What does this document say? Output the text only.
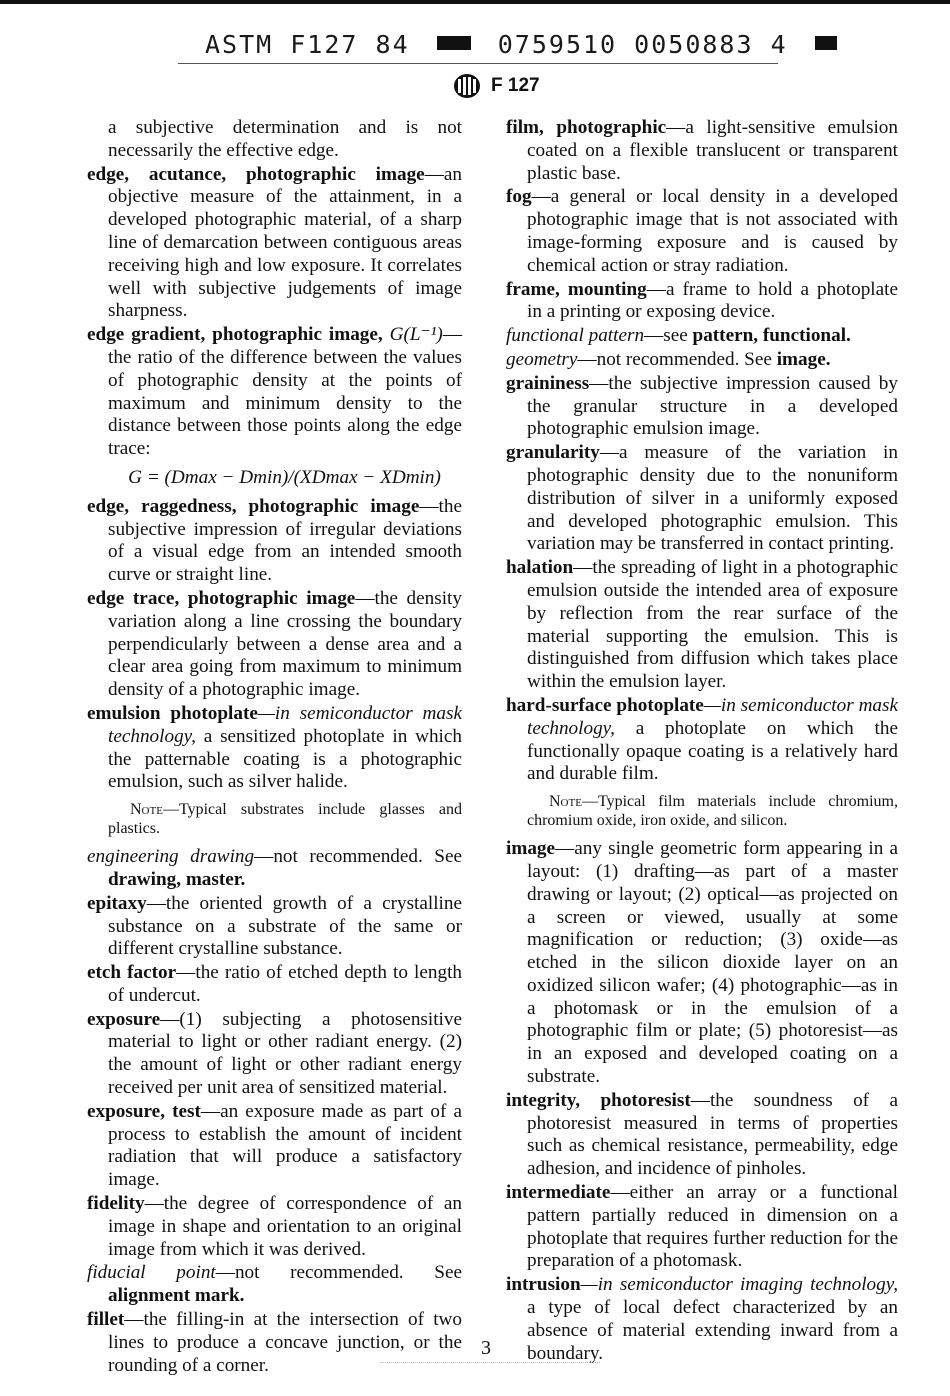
ASTM F127 84	0759510 0050883 4
F 127

a subjective determination and is not necessarily the effective edge.

edge, acutance, photographic image—an objective measure of the attainment, in a developed photographic material, of a sharp line of demarcation between contiguous areas receiving high and low exposure. It correlates well with subjective judgements of image sharpness.

edge gradient, photographic image, G(L⁻¹)—the ratio of the difference between the values of photographic density at the points of maximum and minimum density to the distance between those points along the edge trace:

G = (Dmax − Dmin)/(XDmax − XDmin)

edge, raggedness, photographic image—the subjective impression of irregular deviations of a visual edge from an intended smooth curve or straight line.

edge trace, photographic image—the density variation along a line crossing the boundary perpendicularly between a dense area and a clear area going from maximum to minimum density of a photographic image.

emulsion photoplate—in semiconductor mask technology, a sensitized photoplate in which the patternable coating is a photographic emulsion, such as silver halide.

Note—Typical substrates include glasses and plastics.

engineering drawing—not recommended. See drawing, master.

epitaxy—the oriented growth of a crystalline substance on a substrate of the same or different crystalline substance.

etch factor—the ratio of etched depth to length of undercut.

exposure—(1) subjecting a photosensitive material to light or other radiant energy. (2) the amount of light or other radiant energy received per unit area of sensitized material.

exposure, test—an exposure made as part of a process to establish the amount of incident radiation that will produce a satisfactory image.

fidelity—the degree of correspondence of an image in shape and orientation to an original image from which it was derived.

fiducial point—not recommended. See alignment mark.

fillet—the filling-in at the intersection of two lines to produce a concave junction, or the rounding of a corner.

film, photographic—a light-sensitive emulsion coated on a flexible translucent or transparent plastic base.

fog—a general or local density in a developed photographic image that is not associated with image-forming exposure and is caused by chemical action or stray radiation.

frame, mounting—a frame to hold a photoplate in a printing or exposing device.

functional pattern—see pattern, functional.

geometry—not recommended. See image.

graininess—the subjective impression caused by the granular structure in a developed photographic emulsion image.

granularity—a measure of the variation in photographic density due to the nonuniform distribution of silver in a uniformly exposed and developed photographic emulsion. This variation may be transferred in contact printing.

halation—the spreading of light in a photographic emulsion outside the intended area of exposure by reflection from the rear surface of the material supporting the emulsion. This is distinguished from diffusion which takes place within the emulsion layer.

hard-surface photoplate—in semiconductor mask technology, a photoplate on which the functionally opaque coating is a relatively hard and durable film.

Note—Typical film materials include chromium, chromium oxide, iron oxide, and silicon.

image—any single geometric form appearing in a layout: (1) drafting—as part of a master drawing or layout; (2) optical—as projected on a screen or viewed, usually at some magnification or reduction; (3) oxide—as etched in the silicon dioxide layer on an oxidized silicon wafer; (4) photographic—as in a photomask or in the emulsion of a photographic film or plate; (5) photoresist—as in an exposed and developed coating on a substrate.

integrity, photoresist—the soundness of a photoresist measured in terms of properties such as chemical resistance, permeability, edge adhesion, and incidence of pinholes.

intermediate—either an array or a functional pattern partially reduced in dimension on a photoplate that requires further reduction for the preparation of a photomask.

intrusion—in semiconductor imaging technology, a type of local defect characterized by an absence of material extending inward from a boundary.

3
